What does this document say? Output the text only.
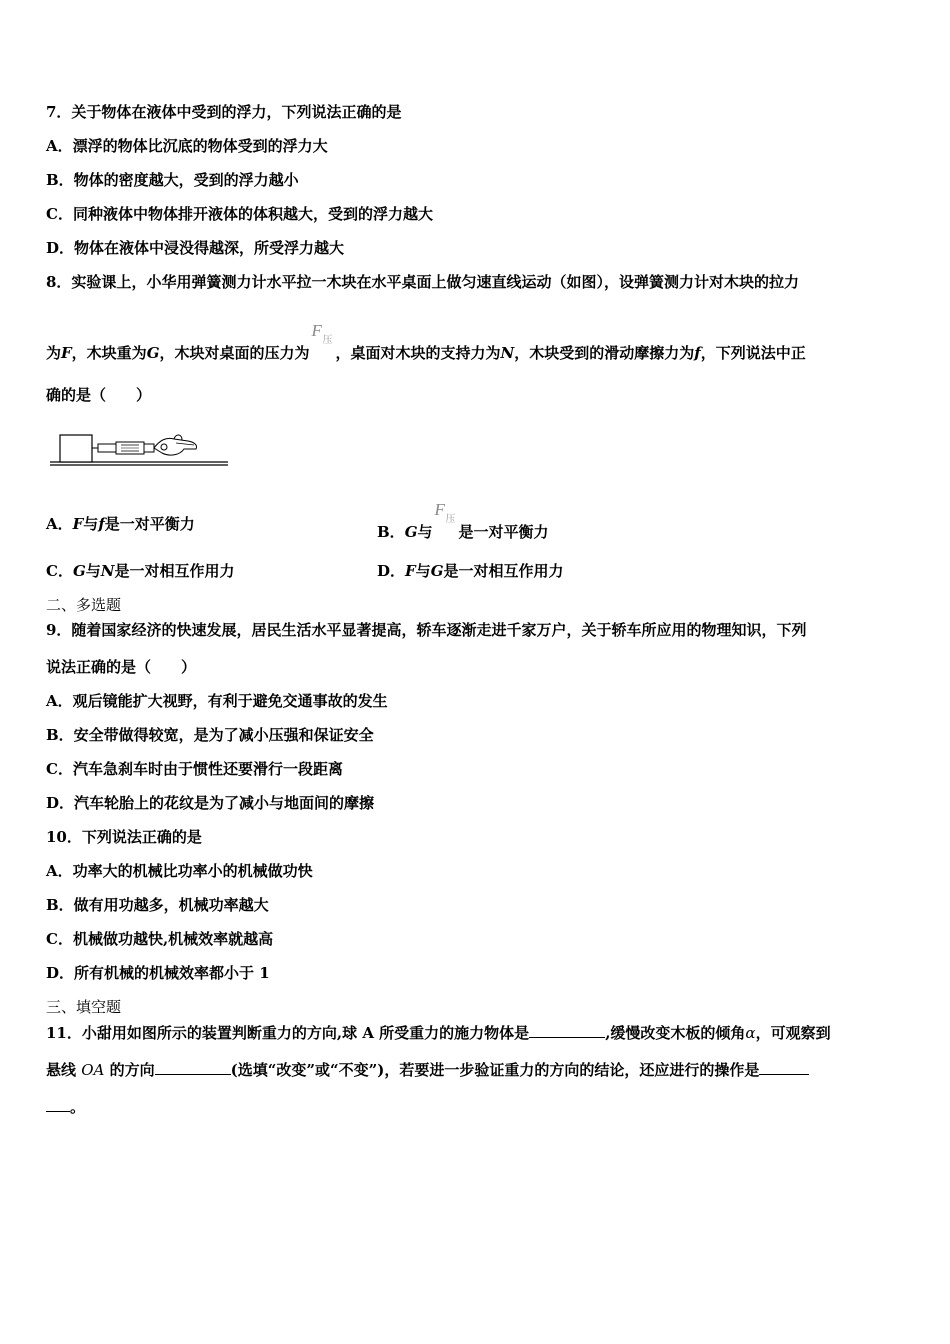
7．关于物体在液体中受到的浮力，下列说法正确的是
A．漂浮的物体比沉底的物体受到的浮力大
B．物体的密度越大，受到的浮力越小
C．同种液体中物体排开液体的体积越大，受到的浮力越大
D．物体在液体中浸没得越深，所受浮力越大
8．实验课上，小华用弹簧测力计水平拉一木块在水平桌面上做匀速直线运动（如图），设弹簧测力计对木块的拉力
为F，木块重为G，木块对桌面的压力为
F
压
，桌面对木块的支持力为N，木块受到的滑动摩擦力为f，下列说法中正
确的是（　　）
A．F与f是一对平衡力	B．G与
F
压
是一对平衡力
C．G与N是一对相互作用力	D．F与G是一对相互作用力
二、多选题
9．随着国家经济的快速发展，居民生活水平显著提高，轿车逐渐走进千家万户，关于轿车所应用的物理知识，下列
说法正确的是（　　）
A．观后镜能扩大视野，有利于避免交通事故的发生
B．安全带做得较宽，是为了减小压强和保证安全
C．汽车急刹车时由于惯性还要滑行一段距离
D．汽车轮胎上的花纹是为了减小与地面间的摩擦
10．下列说法正确的是
A．功率大的机械比功率小的机械做功快
B．做有用功越多，机械功率越大
C．机械做功越快,机械效率就越高
D．所有机械的机械效率都小于 1
三、填空题
11．小甜用如图所示的装置判断重力的方向,球 A 所受重力的施力物体是	,缓慢改变木板的倾角α，可观察到
悬线 OA 的方向	(选填“改变”或“不变”)，若要进一步验证重力的方向的结论，还应进行的操作是
。
